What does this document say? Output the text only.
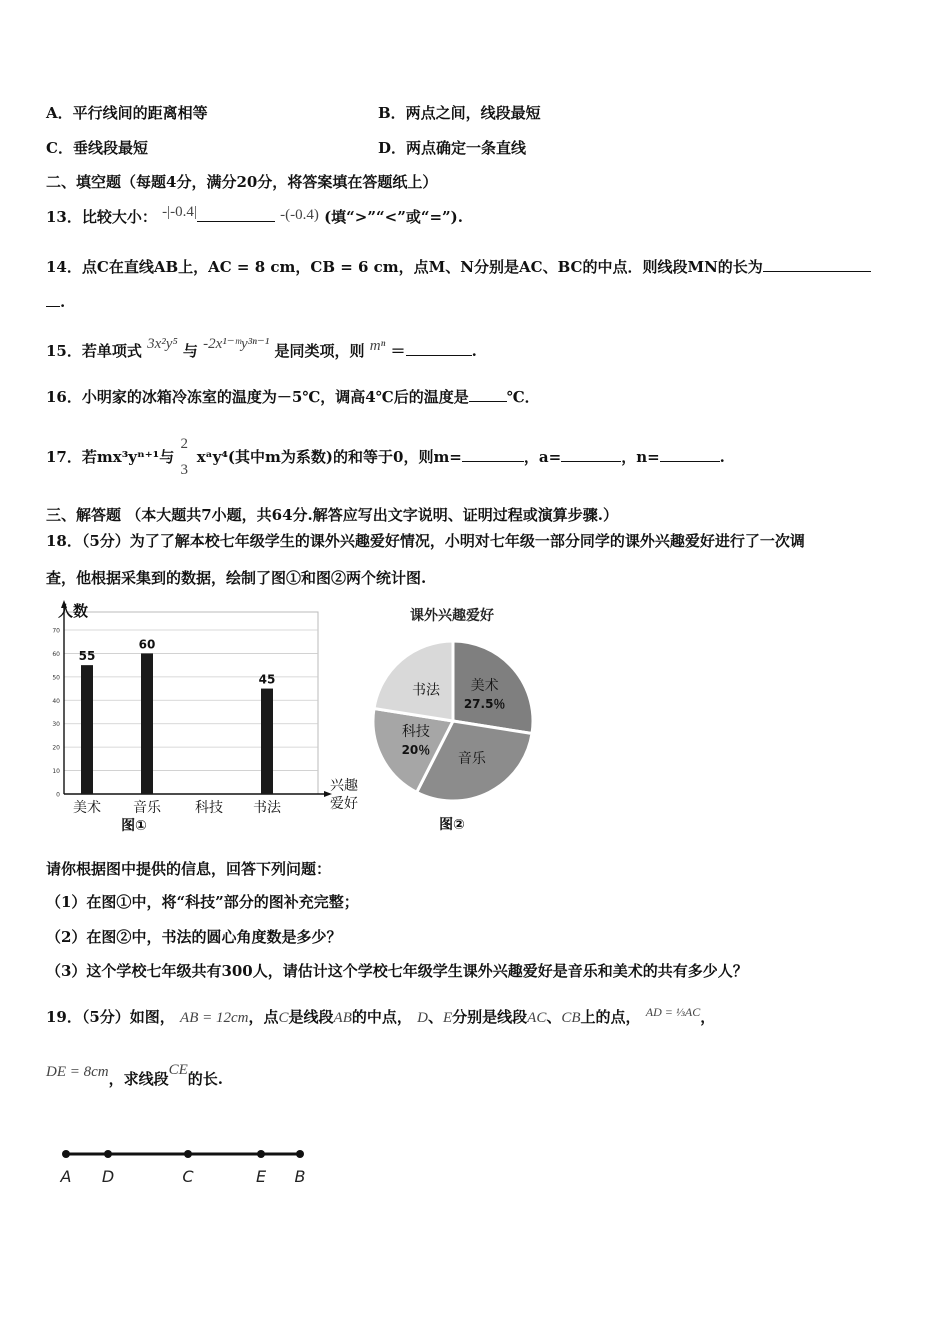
A．平行线间的距离相等	B．两点之间，线段最短
C．垂线段最短	D．两点确定一条直线
二、填空题（每题4分，满分20分，将答案填在答题纸上）
13．比较大小： -|-0.4|	-(-0.4) (填“>”“<”或“=”).
14．点C在直线AB上，AC = 8 cm，CB = 6 cm，点M、N分别是AC、BC的中点．则线段MN的长为
.
15．若单项式 3x²y⁵ 与 -2x¹⁻ᵐy³ⁿ⁻¹ 是同类项，则 mⁿ ＝	.
16．小明家的冰箱冷冻室的温度为－5℃，调高4℃后的温度是	℃．
17．若mx³yⁿ⁺¹与
2
3
xᵃy⁴(其中m为系数)的和等于0，则m=	，a=	，n=	.
三、解答题 （本大题共7小题，共64分.解答应写出文字说明、证明过程或演算步骤.）
18．（5分）为了了解本校七年级学生的课外兴趣爱好情况，小明对七年级一部分同学的课外兴趣爱好进行了一次调
查，他根据采集到的数据，绘制了图①和图②两个统计图.
0
10
20
30
40
50
60
70
人数
55
美术
60
音乐 科技
45
书法
兴趣
爱好
图①
课外兴趣爱好
美术
27.5％
音乐
科技
20％
书法
图②
请你根据图中提供的信息，回答下列问题：
（1）在图①中，将“科技”部分的图补充完整；
（2）在图②中，书法的圆心角度数是多少？
（3）这个学校七年级共有300人，请估计这个学校七年级学生课外兴趣爱好是音乐和美术的共有多少人？
19．（5分）如图， AB = 12cm，点C是线段AB的中点， D、E分别是线段AC、CB上的点， $^{AD = \frac{1}{3}AC}$，
DE = 8cm，求线段CE的长.
A D	C	E B
